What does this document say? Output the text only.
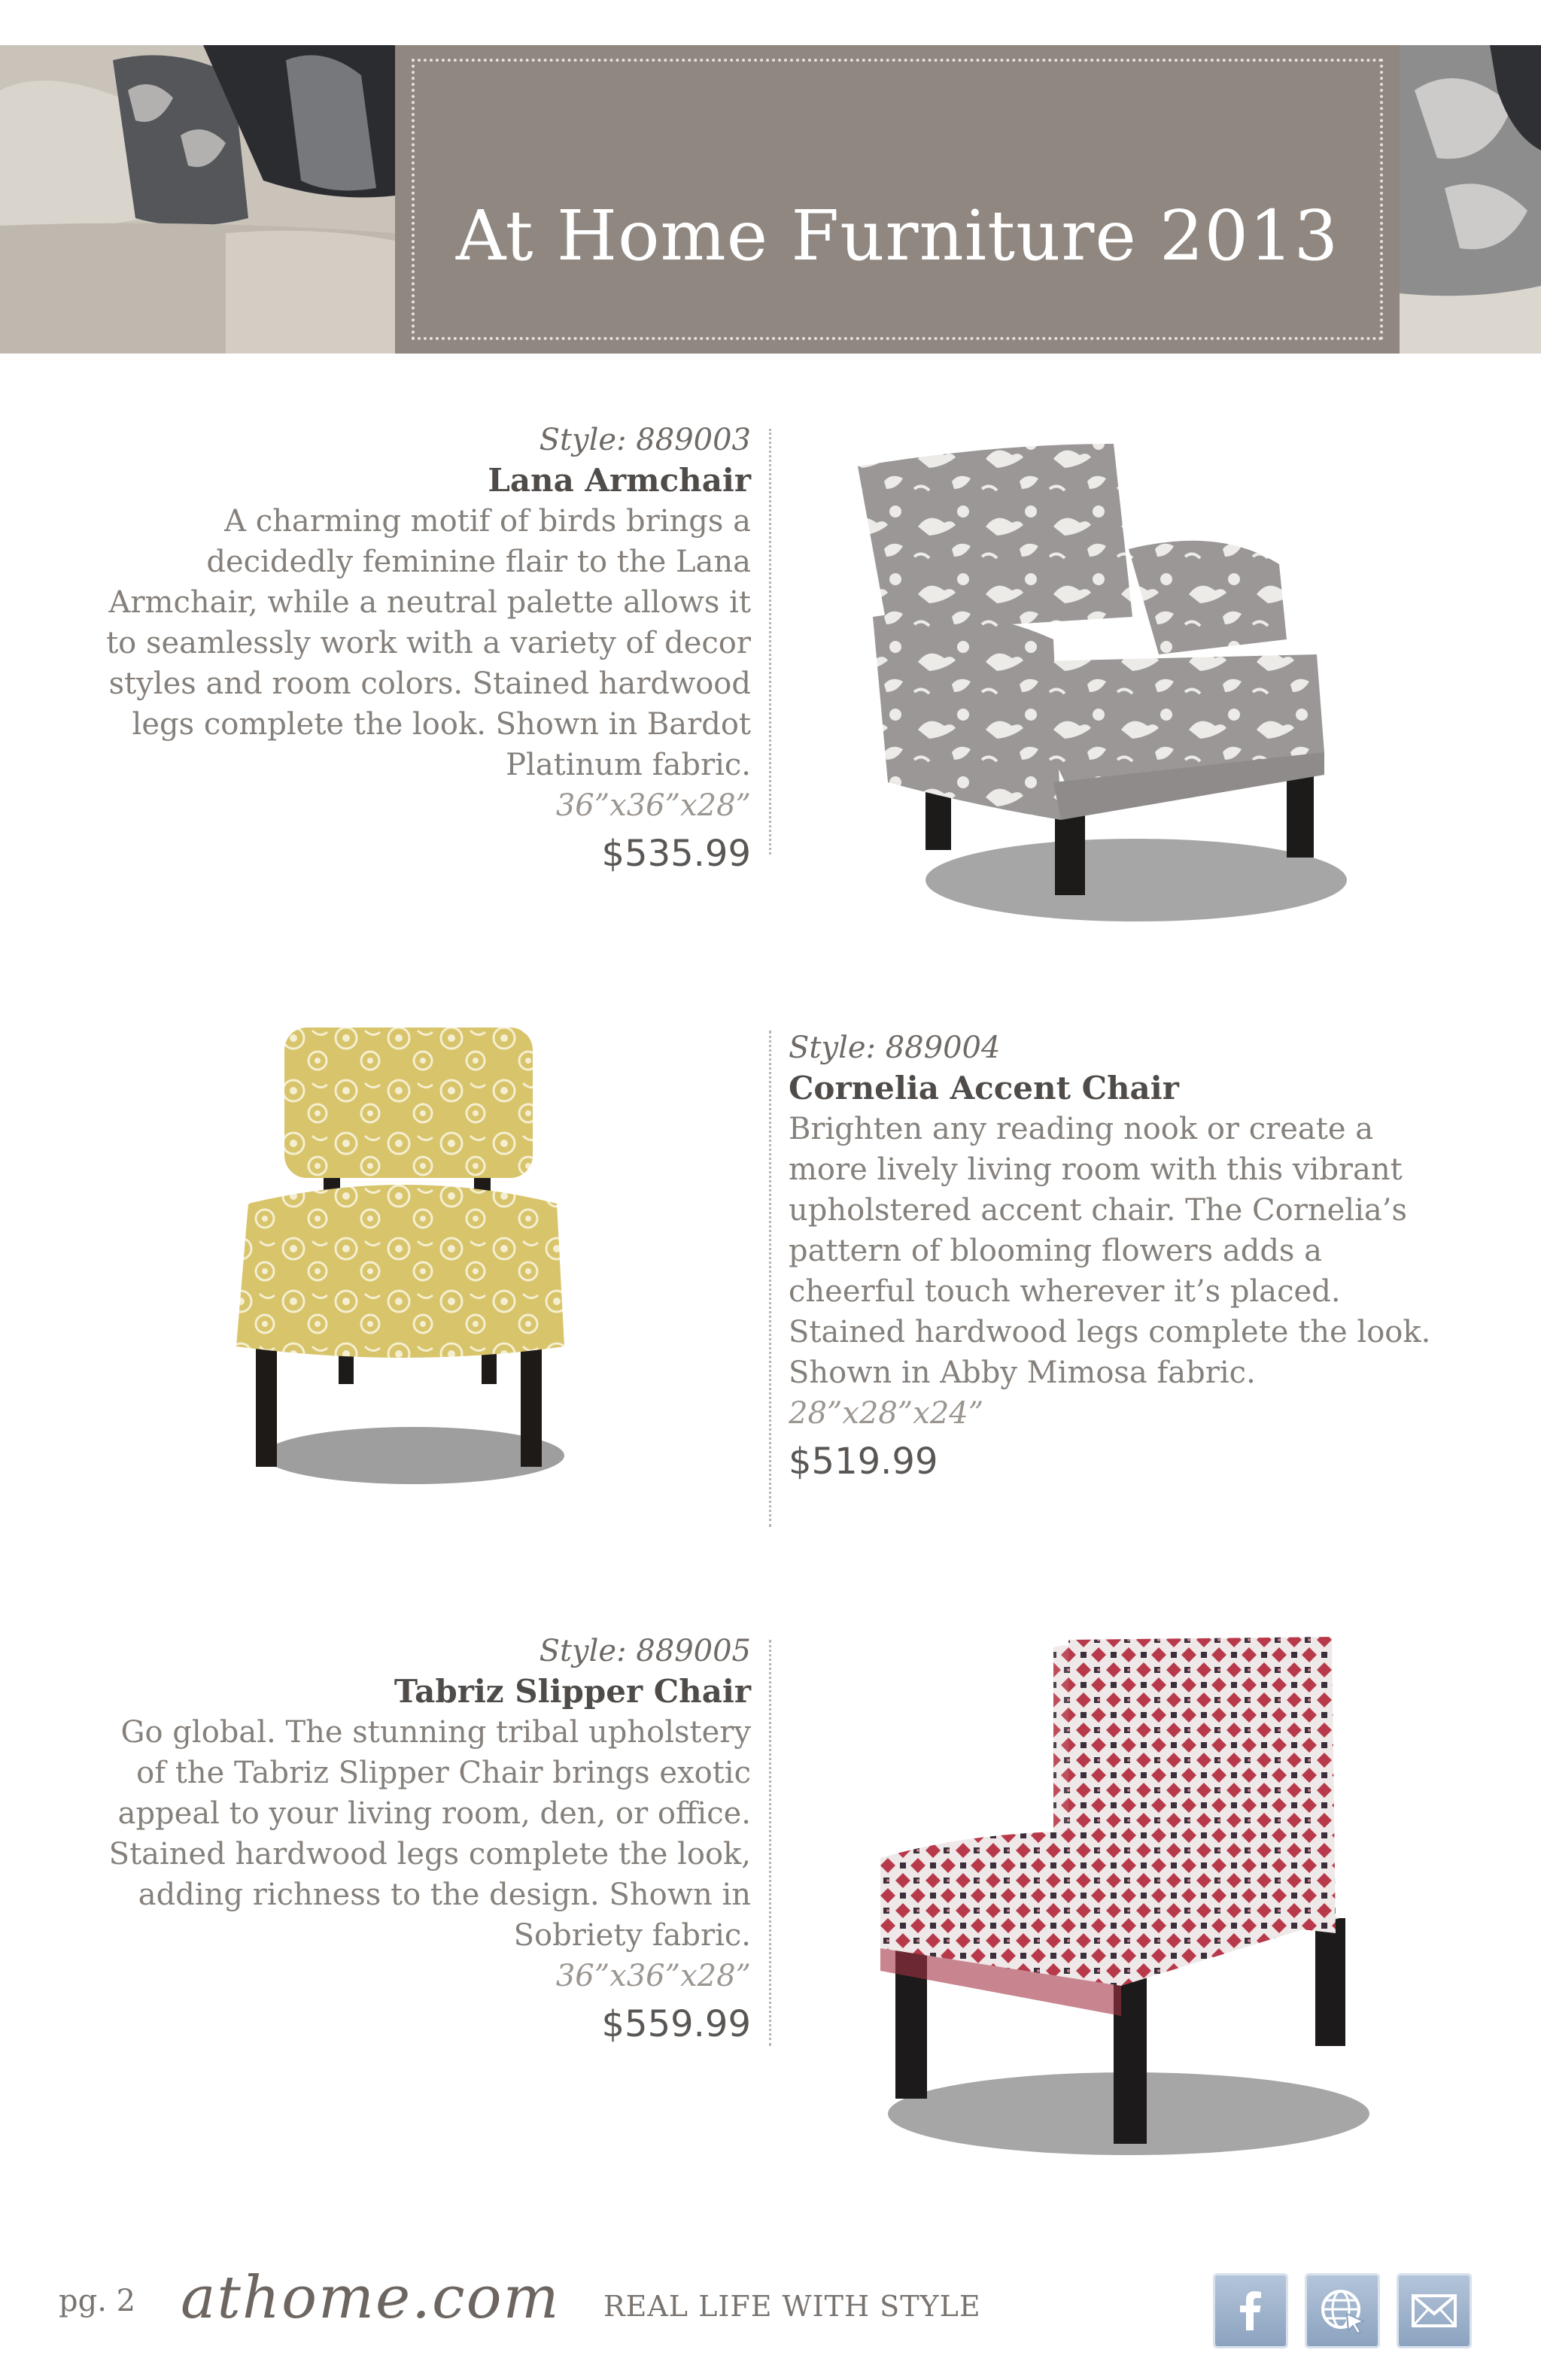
At Home Furniture 2013
Style: 889003
Lana Armchair
A charming motif of birds brings a decidedly feminine flair to the Lana Armchair, while a neutral palette allows it to seamlessly work with a variety of decor styles and room colors. Stained hardwood legs complete the look. Shown in Bardot Platinum fabric.
36”x36”x28”
$535.99
Style: 889004
Cornelia Accent Chair
Brighten any reading nook or create a more lively living room with this vibrant upholstered accent chair. The Cornelia’s pattern of blooming flowers adds a cheerful touch wherever it’s placed. Stained hardwood legs complete the look. Shown in Abby Mimosa fabric.
28”x28”x24”
$519.99
Style: 889005
Tabriz Slipper Chair
Go global. The stunning tribal upholstery of the Tabriz Slipper Chair brings exotic appeal to your living room, den, or office. Stained hardwood legs complete the look, adding richness to the design. Shown in Sobriety fabric.
36”x36”x28”
$559.99
pg. 2 athome.com REAL LIFE WITH STYLE
